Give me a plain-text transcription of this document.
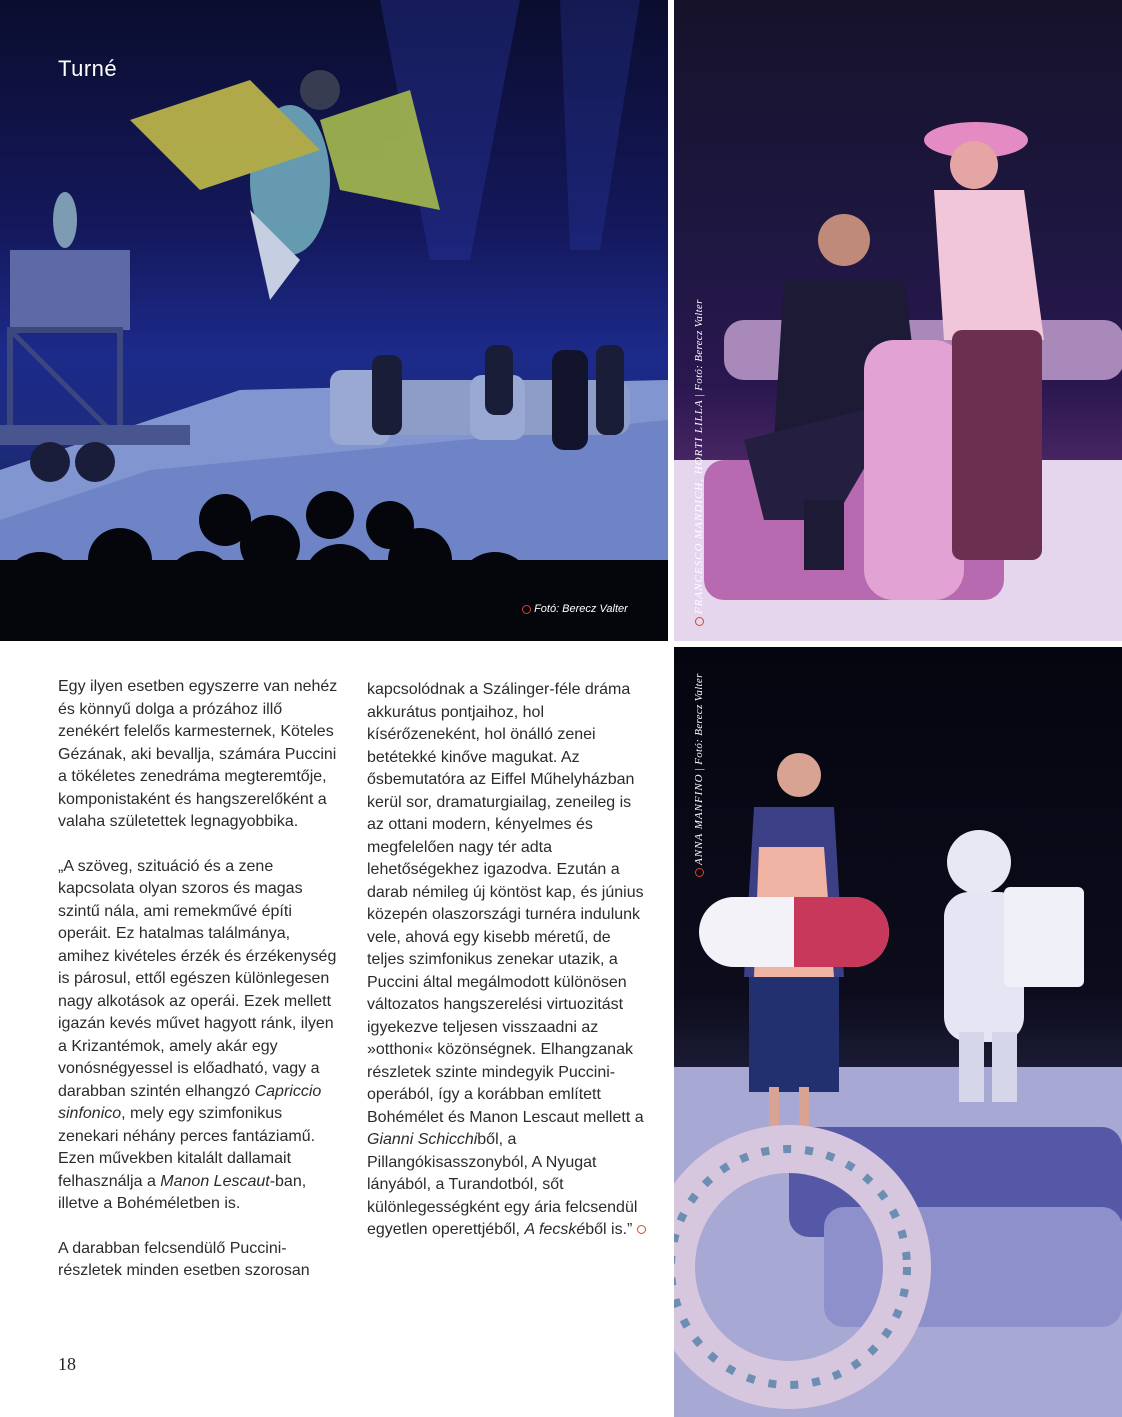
Turné
Fotó: Berecz Valter	FRANCESCO MANDICH, HORTI LILLA | Fotó: Berecz Valter
ANNA MANFINO | Fotó: Berecz Valter

Egy ilyen esetben egyszerre van nehéz és könnyű dolga a prózához illő zenékért felelős karmesternek, Köteles Gézának, aki bevallja, számára Puccini a tökéletes zenedráma megteremtője, komponistaként és hangszerelőként a valaha születettek legnagyobbika.

„A szöveg, szituáció és a zene kapcsolata olyan szoros és magas szintű nála, ami remekművé építi operáit. Ez hatalmas találmánya, amihez kivételes érzék és érzékenység is párosul, ettől egészen különlegesen nagy alkotások az operái. Ezek mellett igazán kevés művet hagyott ránk, ilyen a Krizantémok, amely akár egy vonósnégyessel is előadható, vagy a darabban szintén elhangzó Capriccio sinfonico, mely egy szimfonikus zenekari néhány perces fantáziamű. Ezen művekben kitalált dallamait felhasználja a Manon Lescaut-ban, illetve a Bohéméletben is.

A darabban felcsendülő Puccini-részletek minden esetben szorosan

kapcsolódnak a Szálinger-féle dráma akkurátus pontjaihoz, hol kísérőzeneként, hol önálló zenei betétekké kinőve magukat. Az ősbemutatóra az Eiffel Műhelyházban kerül sor, dramaturgiailag, zeneileg is az ottani modern, kényelmes és megfelelően nagy tér adta lehetőségekhez igazodva. Ezután a darab némileg új köntöst kap, és június közepén olaszországi turnéra indulunk vele, ahová egy kisebb méretű, de teljes szimfonikus zenekar utazik, a Puccini által megálmodott különösen változatos hangszerelési virtuozitást igyekezve teljesen visszaadni az »otthoni« közönségnek. Elhangzanak részletek szinte mindegyik Puccini-operából, így a korábban említett Bohémélet és Manon Lescaut mellett a Gianni Schicchiből, a Pillangókisasszonyból, A Nyugat lányából, a Turandotból, sőt különlegességként egy ária felcsendül egyetlen operettjéből, A fecskéből is.”

18
